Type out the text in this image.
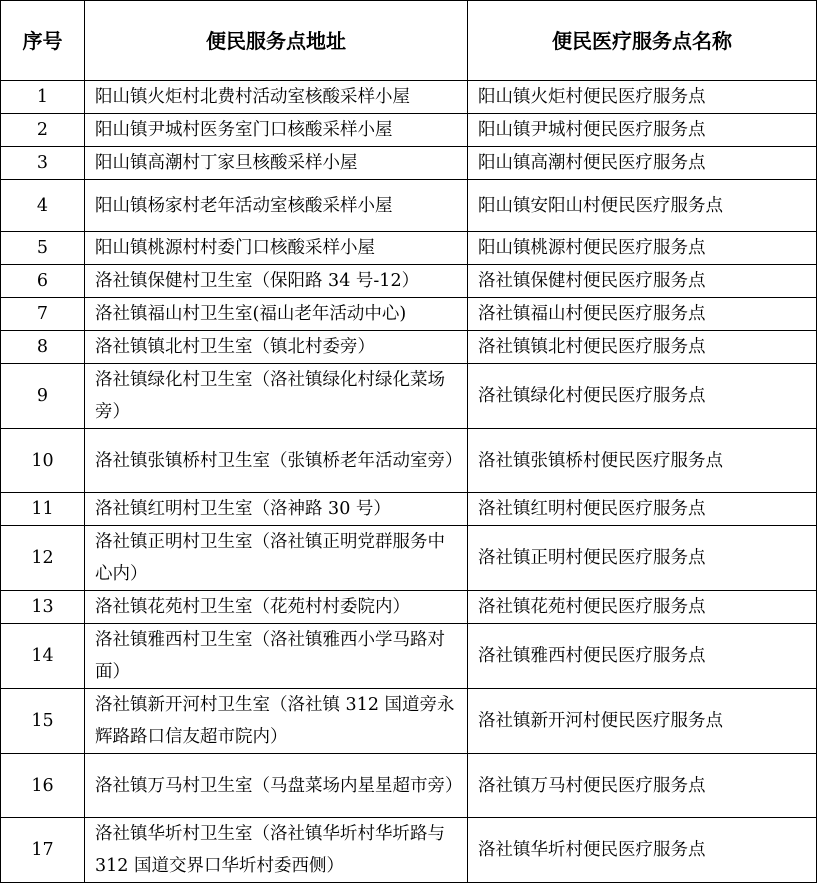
序号	便民服务点地址	便民医疗服务点名称
1	阳山镇火炬村北费村活动室核酸采样小屋	阳山镇火炬村便民医疗服务点
2	阳山镇尹城村医务室门口核酸采样小屋	阳山镇尹城村便民医疗服务点
3	阳山镇高潮村丁家旦核酸采样小屋	阳山镇高潮村便民医疗服务点
4	阳山镇杨家村老年活动室核酸采样小屋	阳山镇安阳山村便民医疗服务点
5	阳山镇桃源村村委门口核酸采样小屋	阳山镇桃源村便民医疗服务点
6	洛社镇保健村卫生室（保阳路 34 号-12）	洛社镇保健村便民医疗服务点
7	洛社镇福山村卫生室(福山老年活动中心)	洛社镇福山村便民医疗服务点
8	洛社镇镇北村卫生室（镇北村委旁）	洛社镇镇北村便民医疗服务点
9	洛社镇绿化村卫生室（洛社镇绿化村绿化菜场旁）	洛社镇绿化村便民医疗服务点
10	洛社镇张镇桥村卫生室（张镇桥老年活动室旁）	洛社镇张镇桥村便民医疗服务点
11	洛社镇红明村卫生室（洛神路 30 号）	洛社镇红明村便民医疗服务点
12	洛社镇正明村卫生室（洛社镇正明党群服务中心内）	洛社镇正明村便民医疗服务点
13	洛社镇花苑村卫生室（花苑村村委院内）	洛社镇花苑村便民医疗服务点
14	洛社镇雅西村卫生室（洛社镇雅西小学马路对面）	洛社镇雅西村便民医疗服务点
15	洛社镇新开河村卫生室（洛社镇 312 国道旁永辉路路口信友超市院内）	洛社镇新开河村便民医疗服务点
16	洛社镇万马村卫生室（马盘菜场内星星超市旁）	洛社镇万马村便民医疗服务点
17	洛社镇华圻村卫生室（洛社镇华圻村华圻路与 312 国道交界口华圻村委西侧）	洛社镇华圻村便民医疗服务点
